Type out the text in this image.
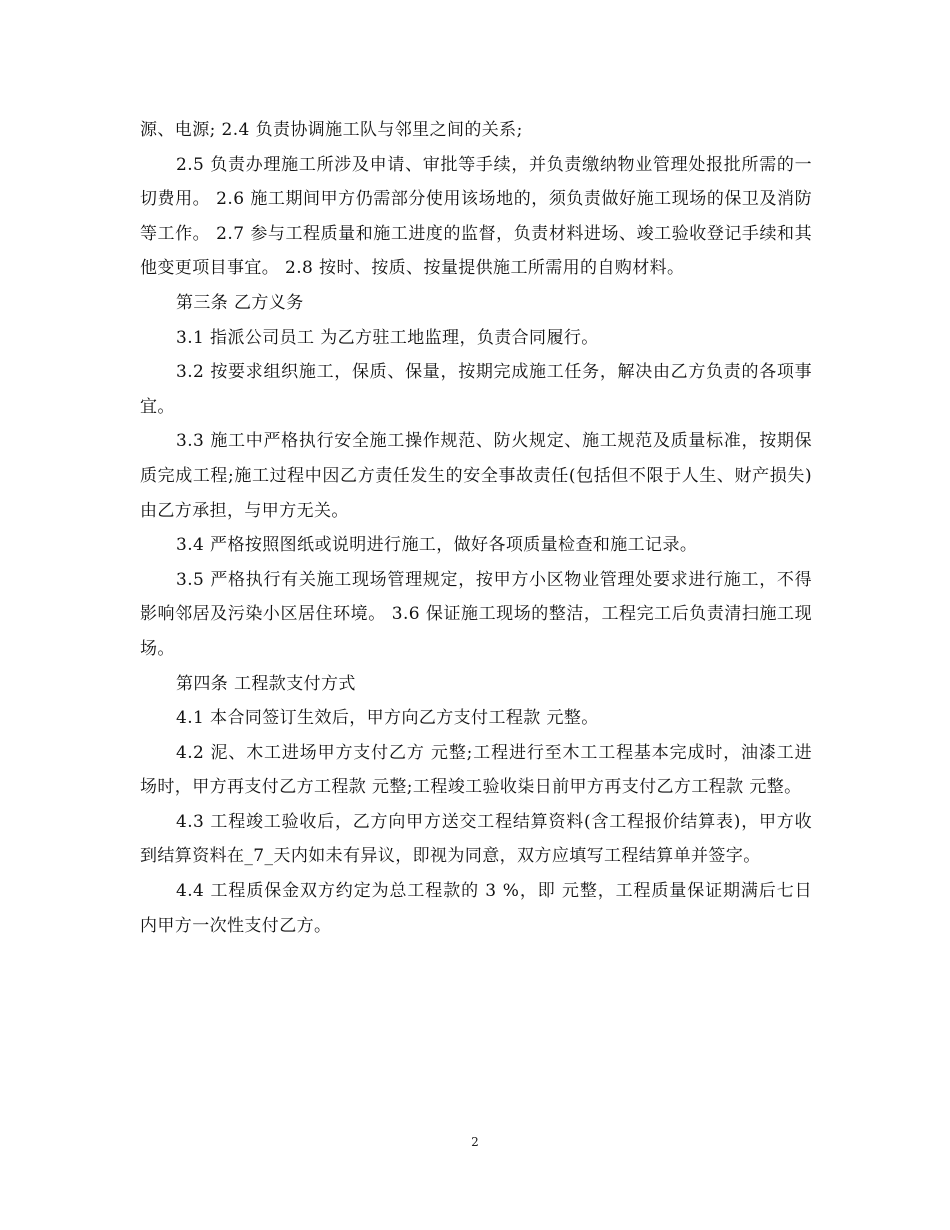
源、电源; 2.4 负责协调施工队与邻里之间的关系;

2.5 负责办理施工所涉及申请、审批等手续，并负责缴纳物业管理处报批所需的一切费用。 2.6 施工期间甲方仍需部分使用该场地的，须负责做好施工现场的保卫及消防等工作。 2.7 参与工程质量和施工进度的监督，负责材料进场、竣工验收登记手续和其他变更项目事宜。 2.8 按时、按质、按量提供施工所需用的自购材料。

第三条 乙方义务

3.1 指派公司员工 为乙方驻工地监理，负责合同履行。

3.2 按要求组织施工，保质、保量，按期完成施工任务，解决由乙方负责的各项事宜。

3.3 施工中严格执行安全施工操作规范、防火规定、施工规范及质量标准，按期保质完成工程;施工过程中因乙方责任发生的安全事故责任(包括但不限于人生、财产损失)由乙方承担，与甲方无关。

3.4 严格按照图纸或说明进行施工，做好各项质量检查和施工记录。

3.5 严格执行有关施工现场管理规定，按甲方小区物业管理处要求进行施工，不得影响邻居及污染小区居住环境。 3.6 保证施工现场的整洁，工程完工后负责清扫施工现场。

第四条 工程款支付方式

4.1 本合同签订生效后，甲方向乙方支付工程款 元整。

4.2 泥、木工进场甲方支付乙方 元整;工程进行至木工工程基本完成时，油漆工进场时，甲方再支付乙方工程款 元整;工程竣工验收柒日前甲方再支付乙方工程款 元整。

4.3 工程竣工验收后，乙方向甲方送交工程结算资料(含工程报价结算表)，甲方收到结算资料在_7_天内如未有异议，即视为同意，双方应填写工程结算单并签字。

4.4 工程质保金双方约定为总工程款的 3 %，即 元整，工程质量保证期满后七日内甲方一次性支付乙方。

2
